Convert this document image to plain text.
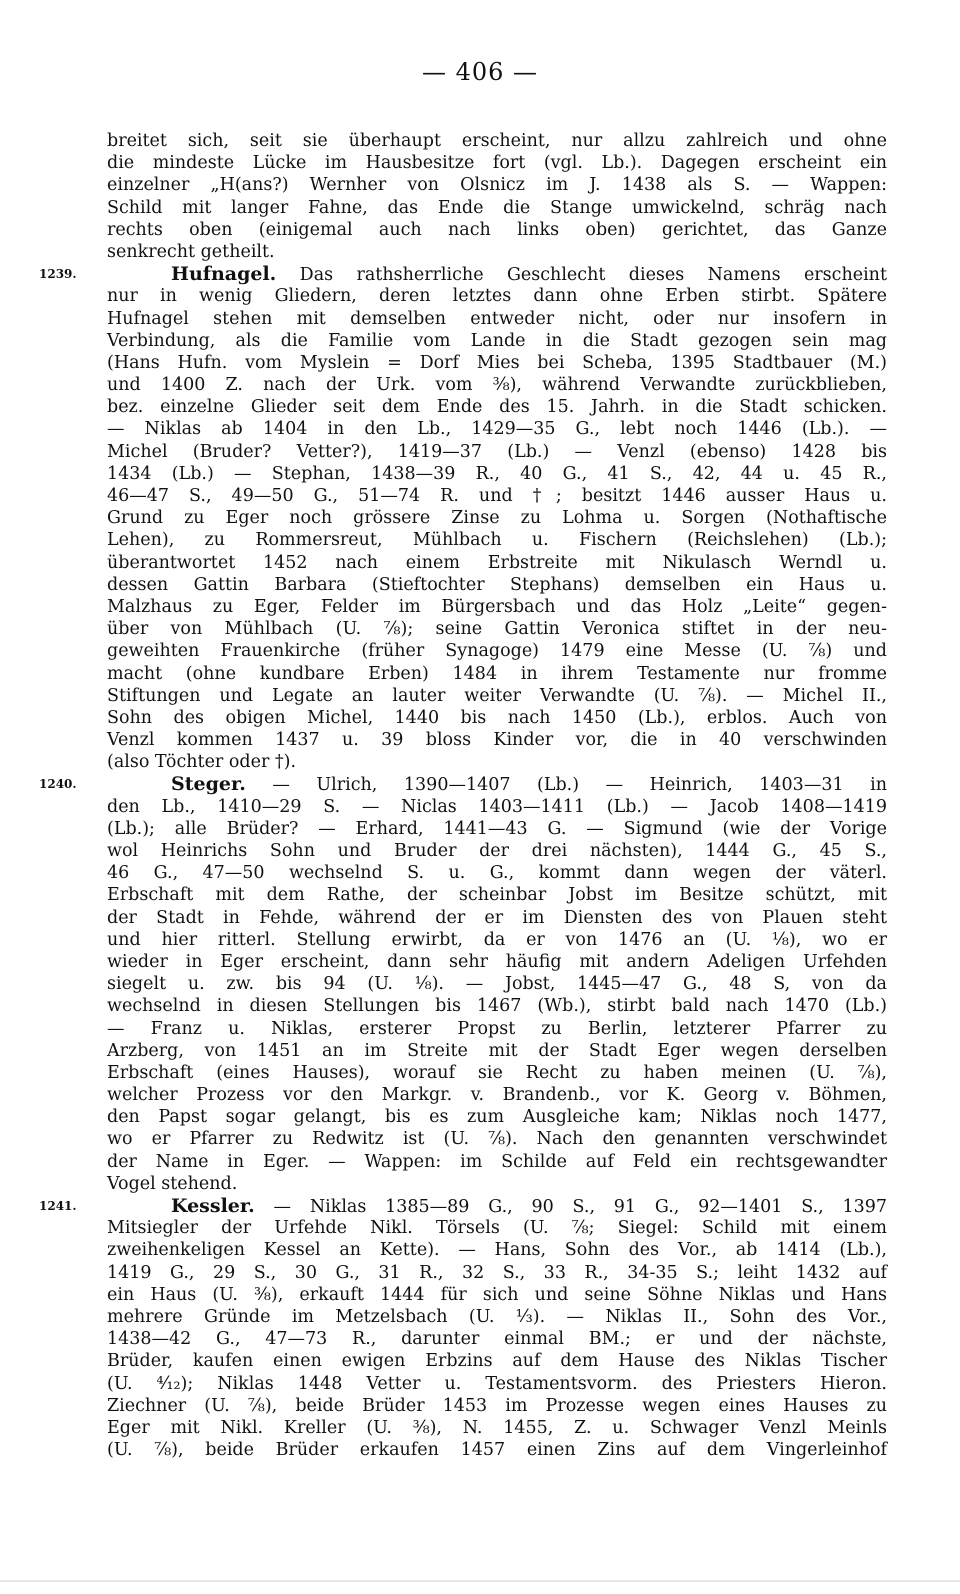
— 406 —
breitet sich, seit sie überhaupt erscheint, nur allzu zahlreich und ohne
die mindeste Lücke im Hausbesitze fort (vgl. Lb.). Dagegen erscheint ein
einzelner „H(ans?) Wernher von Olsnicz im J. 1438 als S. — Wappen:
Schild mit langer Fahne, das Ende die Stange umwickelnd, schräg nach
rechts oben (einigemal auch nach links oben) gerichtet, das Ganze
senkrecht getheilt.
1239.	Hufnagel. Das rathsherrliche Geschlecht dieses Namens erscheint
nur in wenig Gliedern, deren letztes dann ohne Erben stirbt. Spätere
Hufnagel stehen mit demselben entweder nicht, oder nur insofern in
Verbindung, als die Familie vom Lande in die Stadt gezogen sein mag
(Hans Hufn. vom Myslein = Dorf Mies bei Scheba, 1395 Stadtbauer (M.)
und 1400 Z. nach der Urk. vom ³⁄₈), während Verwandte zurückblieben,
bez. einzelne Glieder seit dem Ende des 15. Jahrh. in die Stadt schicken.
— Niklas ab 1404 in den Lb., 1429—35 G., lebt noch 1446 (Lb.). —
Michel (Bruder? Vetter?), 1419—37 (Lb.) — Venzl (ebenso) 1428 bis
1434 (Lb.) — Stephan, 1438—39 R., 40 G., 41 S., 42, 44 u. 45 R.,
46—47 S., 49—50 G., 51—74 R. und †; besitzt 1446 ausser Haus u.
Grund zu Eger noch grössere Zinse zu Lohma u. Sorgen (Nothaftische
Lehen), zu Rommersreut, Mühlbach u. Fischern (Reichslehen) (Lb.);
überantwortet 1452 nach einem Erbstreite mit Nikulasch Werndl u.
dessen Gattin Barbara (Stieftochter Stephans) demselben ein Haus u.
Malzhaus zu Eger, Felder im Bürgersbach und das Holz „Leite“ gegen-
über von Mühlbach (U. ⅞); seine Gattin Veronica stiftet in der neu-
geweihten Frauenkirche (früher Synagoge) 1479 eine Messe (U. ⅞) und
macht (ohne kundbare Erben) 1484 in ihrem Testamente nur fromme
Stiftungen und Legate an lauter weiter Verwandte (U. ⅞). — Michel II.,
Sohn des obigen Michel, 1440 bis nach 1450 (Lb.), erblos. Auch von
Venzl kommen 1437 u. 39 bloss Kinder vor, die in 40 verschwinden
(also Töchter oder †).
1240.	Steger. — Ulrich, 1390—1407 (Lb.) — Heinrich, 1403—31 in
den Lb., 1410—29 S. — Niclas 1403—1411 (Lb.) — Jacob 1408—1419
(Lb.); alle Brüder? — Erhard, 1441—43 G. — Sigmund (wie der Vorige
wol Heinrichs Sohn und Bruder der drei nächsten), 1444 G., 45 S.,
46 G., 47—50 wechselnd S. u. G., kommt dann wegen der väterl.
Erbschaft mit dem Rathe, der scheinbar Jobst im Besitze schützt, mit
der Stadt in Fehde, während der er im Diensten des von Plauen steht
und hier ritterl. Stellung erwirbt, da er von 1476 an (U. ¹⁄₈), wo er
wieder in Eger erscheint, dann sehr häufig mit andern Adeligen Urfehden
siegelt u. zw. bis 94 (U. ¹⁄₈). — Jobst, 1445—47 G., 48 S, von da
wechselnd in diesen Stellungen bis 1467 (Wb.), stirbt bald nach 1470 (Lb.)
— Franz u. Niklas, ersterer Propst zu Berlin, letzterer Pfarrer zu
Arzberg, von 1451 an im Streite mit der Stadt Eger wegen derselben
Erbschaft (eines Hauses), worauf sie Recht zu haben meinen (U. ⅞),
welcher Prozess vor den Markgr. v. Brandenb., vor K. Georg v. Böhmen,
den Papst sogar gelangt, bis es zum Ausgleiche kam; Niklas noch 1477,
wo er Pfarrer zu Redwitz ist (U. ⅞). Nach den genannten verschwindet
der Name in Eger. — Wappen: im Schilde auf Feld ein rechtsgewandter
Vogel stehend.
1241.	Kessler. — Niklas 1385—89 G., 90 S., 91 G., 92—1401 S., 1397
Mitsiegler der Urfehde Nikl. Törsels (U. ⅞; Siegel: Schild mit einem
zweihenkeligen Kessel an Kette). — Hans, Sohn des Vor., ab 1414 (Lb.),
1419 G., 29 S., 30 G., 31 R., 32 S., 33 R., 34-35 S.; leiht 1432 auf
ein Haus (U. ³⁄₈), erkauft 1444 für sich und seine Söhne Niklas und Hans
mehrere Gründe im Metzelsbach (U. ¹⁄₃). — Niklas II., Sohn des Vor.,
1438—42 G., 47—73 R., darunter einmal BM.; er und der nächste,
Brüder, kaufen einen ewigen Erbzins auf dem Hause des Niklas Tischer
(U. ⁴⁄₁₂); Niklas 1448 Vetter u. Testamentsvorm. des Priesters Hieron.
Ziechner (U. ⅞), beide Brüder 1453 im Prozesse wegen eines Hauses zu
Eger mit Nikl. Kreller (U. ³⁄₈), N. 1455, Z. u. Schwager Venzl Meinls
(U. ⅞), beide Brüder erkaufen 1457 einen Zins auf dem Vingerleinhof
